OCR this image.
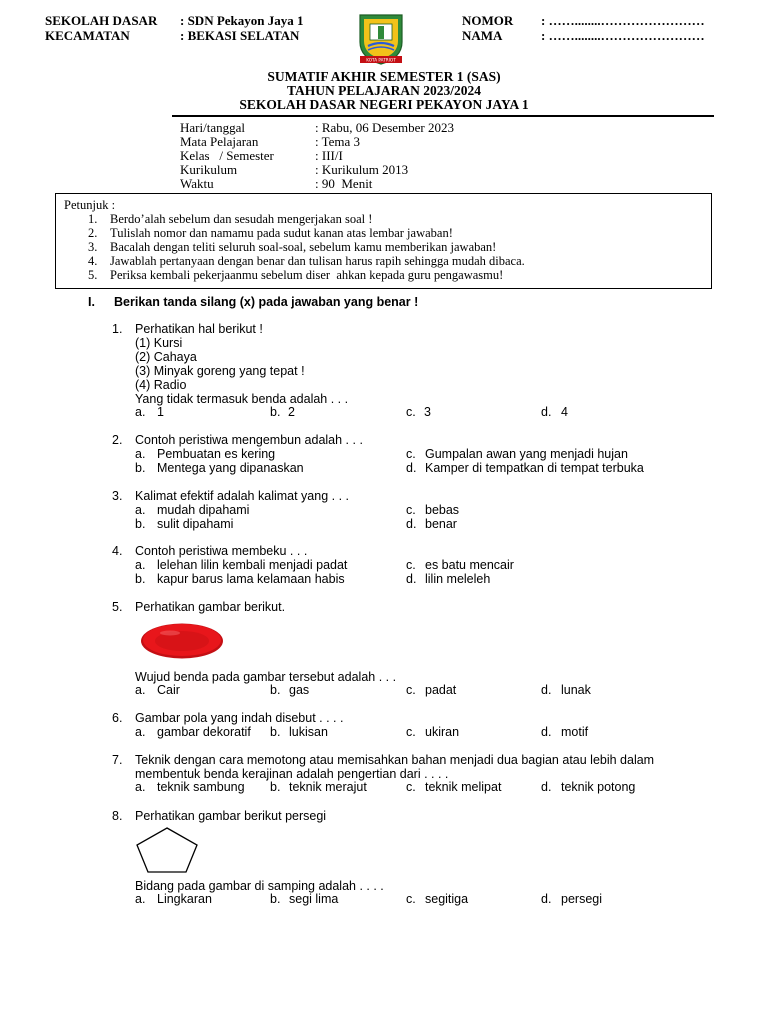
SEKOLAH DASAR : SDN Pekayon Jaya 1
KECAMATAN	: BEKASI SELATAN
KOTA PATRIOT
NOMOR : ……........……………………
NAMA	: ……........……………………
SUMATIF AKHIR SEMESTER 1 (SAS)
TAHUN PELAJARAN 2023/2024
SEKOLAH DASAR NEGERI PEKAYON JAYA 1
Hari/tanggal	: Rabu, 06 Desember 2023
Mata Pelajaran	: Tema 3
Kelas   / Semester	: III/I
Kurikulum	: Kurikulum 2013
Waktu	: 90  Menit
Petunjuk :
1. Berdo’alah sebelum dan sesudah mengerjakan soal !
2. Tulislah nomor dan namamu pada sudut kanan atas lembar jawaban!
3. Bacalah dengan teliti seluruh soal-soal, sebelum kamu memberikan jawaban!
4. Jawablah pertanyaan dengan benar dan tulisan harus rapih sehingga mudah dibaca.
5. Periksa kembali pekerjaanmu sebelum diser  ahkan kepada guru pengawasmu!
I. Berikan tanda silang (x) pada jawaban yang benar !
1. Perhatikan hal berikut !
(1) Kursi
(2) Cahaya
(3) Minyak goreng yang tepat !
(4) Radio
Yang tidak termasuk benda adalah . . .
a. 1	b. 2	c. 3	d. 4
2. Contoh peristiwa mengembun adalah . . .
a. Pembuatan es kering	c. Gumpalan awan yang menjadi hujan
b. Mentega yang dipanaskan	d. Kamper di tempatkan di tempat terbuka
3. Kalimat efektif adalah kalimat yang . . .
a. mudah dipahami	c. bebas
b. sulit dipahami	d. benar
4. Contoh peristiwa membeku . . .
a. lelehan lilin kembali menjadi padat	c. es batu mencair
b. kapur barus lama kelamaan habis	d. lilin meleleh
5. Perhatikan gambar berikut.
Wujud benda pada gambar tersebut adalah . . .
a. Cair	b. gas	c. padat	d. lunak
6. Gambar pola yang indah disebut . . . .
a. gambar dekoratif b. lukisan	c. ukiran	d. motif
7. Teknik dengan cara memotong atau memisahkan bahan menjadi dua bagian atau lebih dalam
membentuk benda kerajinan adalah pengertian dari . . . .
a. teknik sambung b. teknik merajut	c. teknik melipat	d. teknik potong
8. Perhatikan gambar berikut persegi
Bidang pada gambar di samping adalah . . . .
a. Lingkaran	b. segi lima	c. segitiga	d. persegi
